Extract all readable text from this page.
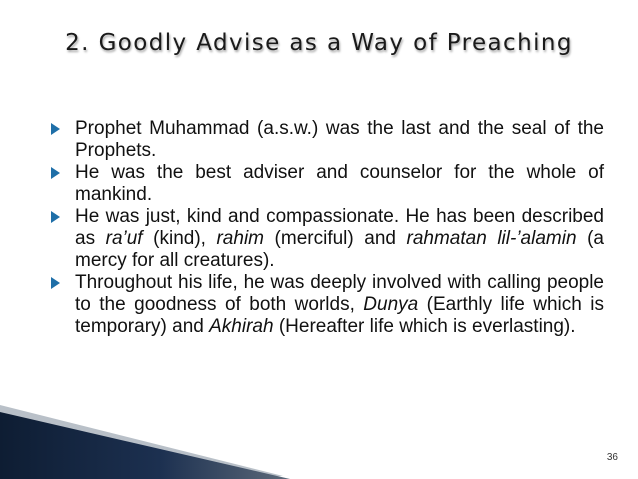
2. Goodly Advise as a Way of Preaching
Prophet Muhammad (a.s.w.) was the last and the seal of the Prophets.
He was the best adviser and counselor for the whole of mankind.
He was just, kind and compassionate. He has been described as ra’uf (kind), rahim (merciful) and rahmatan lil-’alamin (a mercy for all creatures).
Throughout his life, he was deeply involved with calling people to the goodness of both worlds, Dunya (Earthly life which is temporary) and Akhirah (Hereafter life which is everlasting).
36
